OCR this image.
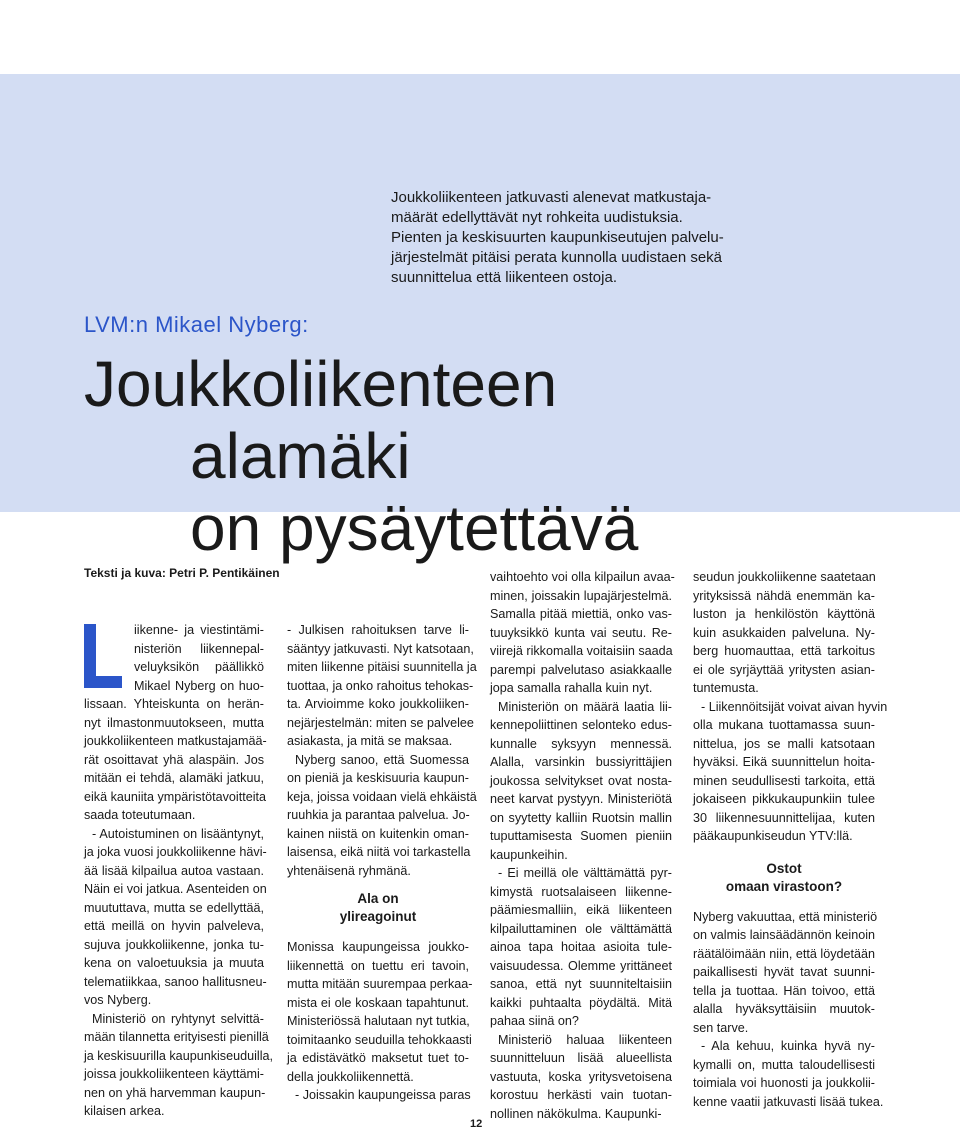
Joukkoliikenteen jatkuvasti alenevat matkustaja-
määrät edellyttävät nyt rohkeita uudistuksia.
Pienten ja keskisuurten kaupunkiseutujen palvelu-
järjestelmät pitäisi perata kunnolla uudistaen sekä
suunnittelua että liikenteen ostoja.
LVM:n Mikael Nyberg:
Joukkoliikenteen
alamäki
on pysäytettävä
Teksti ja kuva: Petri P. Pentikäinen
iikenne- ja viestintämi-
nisteriön liikennepal-
veluyksikön päällikkö
Mikael Nyberg on huo-

lissaan. Yhteiskunta on herän-
nyt ilmastonmuutokseen, mutta
joukkoliikenteen matkustajamää-
rät osoittavat yhä alaspäin. Jos
mitään ei tehdä, alamäki jatkuu,
eikä kauniita ympäristötavoitteita
saada toteutumaan.

- Autoistuminen on lisääntynyt,
ja joka vuosi joukkoliikenne hävi-
ää lisää kilpailua autoa vastaan.
Näin ei voi jatkua. Asenteiden on
muututtava, mutta se edellyttää,
että meillä on hyvin palveleva,
sujuva joukkoliikenne, jonka tu-
kena on valoetuuksia ja muuta
telematiikkaa, sanoo hallitusneu-
vos Nyberg.

Ministeriö on ryhtynyt selvittä-
mään tilannetta erityisesti pienillä
ja keskisuurilla kaupunkiseuduilla,
joissa joukkoliikenteen käyttämi-
nen on yhä harvemman kaupun-
kilaisen arkea.

- Julkisen rahoituksen tarve li-
sääntyy jatkuvasti. Nyt katsotaan,
miten liikenne pitäisi suunnitella ja
tuottaa, ja onko rahoitus tehokas-
ta. Arvioimme koko joukkoliiken-
nejärjestelmän: miten se palvelee
asiakasta, ja mitä se maksaa.

Nyberg sanoo, että Suomessa
on pieniä ja keskisuuria kaupun-
keja, joissa voidaan vielä ehkäistä
ruuhkia ja parantaa palvelua. Jo-
kainen niistä on kuitenkin oman-
laisensa, eikä niitä voi tarkastella
yhtenäisenä ryhmänä.

Ala on
ylireagoinut

Monissa kaupungeissa joukko-
liikennettä on tuettu eri tavoin,
mutta mitään suurempaa perkaa-
mista ei ole koskaan tapahtunut.
Ministeriössä halutaan nyt tutkia,
toimitaanko seuduilla tehokkaasti
ja edistävätkö maksetut tuet to-
della joukkoliikennettä.

- Joissakin kaupungeissa paras

vaihtoehto voi olla kilpailun avaa-
minen, joissakin lupajärjestelmä.
Samalla pitää miettiä, onko vas-
tuuyksikkö kunta vai seutu. Re-
viirejä rikkomalla voitaisiin saada
parempi palvelutaso asiakkaalle
jopa samalla rahalla kuin nyt.

Ministeriön on määrä laatia lii-
kennepoliittinen selonteko edus-
kunnalle syksyyn mennessä.
Alalla, varsinkin bussiyrittäjien
joukossa selvitykset ovat nosta-
neet karvat pystyyn. Ministeriötä
on syytetty kalliin Ruotsin mallin
tuputtamisesta Suomen pieniin
kaupunkeihin.

- Ei meillä ole välttämättä pyr-
kimystä ruotsalaiseen liikenne-
päämiesmalliin, eikä liikenteen
kilpailuttaminen ole välttämättä
ainoa tapa hoitaa asioita tule-
vaisuudessa. Olemme yrittäneet
sanoa, että nyt suunniteltaisiin
kaikki puhtaalta pöydältä. Mitä
pahaa siinä on?

Ministeriö haluaa liikenteen
suunnitteluun lisää alueellista
vastuuta, koska yritysvetoisena
korostuu herkästi vain tuotan-
nollinen näkökulma. Kaupunki-

seudun joukkoliikenne saatetaan
yrityksissä nähdä enemmän ka-
luston ja henkilöstön käyttönä
kuin asukkaiden palveluna. Ny-
berg huomauttaa, että tarkoitus
ei ole syrjäyttää yritysten asian-
tuntemusta.

- Liikennöitsijät voivat aivan hyvin
olla mukana tuottamassa suun-
nittelua, jos se malli katsotaan
hyväksi. Eikä suunnittelun hoita-
minen seudullisesti tarkoita, että
jokaiseen pikkukaupunkiin tulee
30 liikennesuunnittelijaa, kuten
pääkaupunkiseudun YTV:llä.

Ostot
omaan virastoon?

Nyberg vakuuttaa, että ministeriö
on valmis lainsäädännön keinoin
räätälöimään niin, että löydetään
paikallisesti hyvät tavat suunni-
tella ja tuottaa. Hän toivoo, että
alalla hyväksyttäisiin muutok-
sen tarve.

- Ala kehuu, kuinka hyvä ny-
kymalli on, mutta taloudellisesti
toimiala voi huonosti ja joukkolii-
kenne vaatii jatkuvasti lisää tukea.

12
